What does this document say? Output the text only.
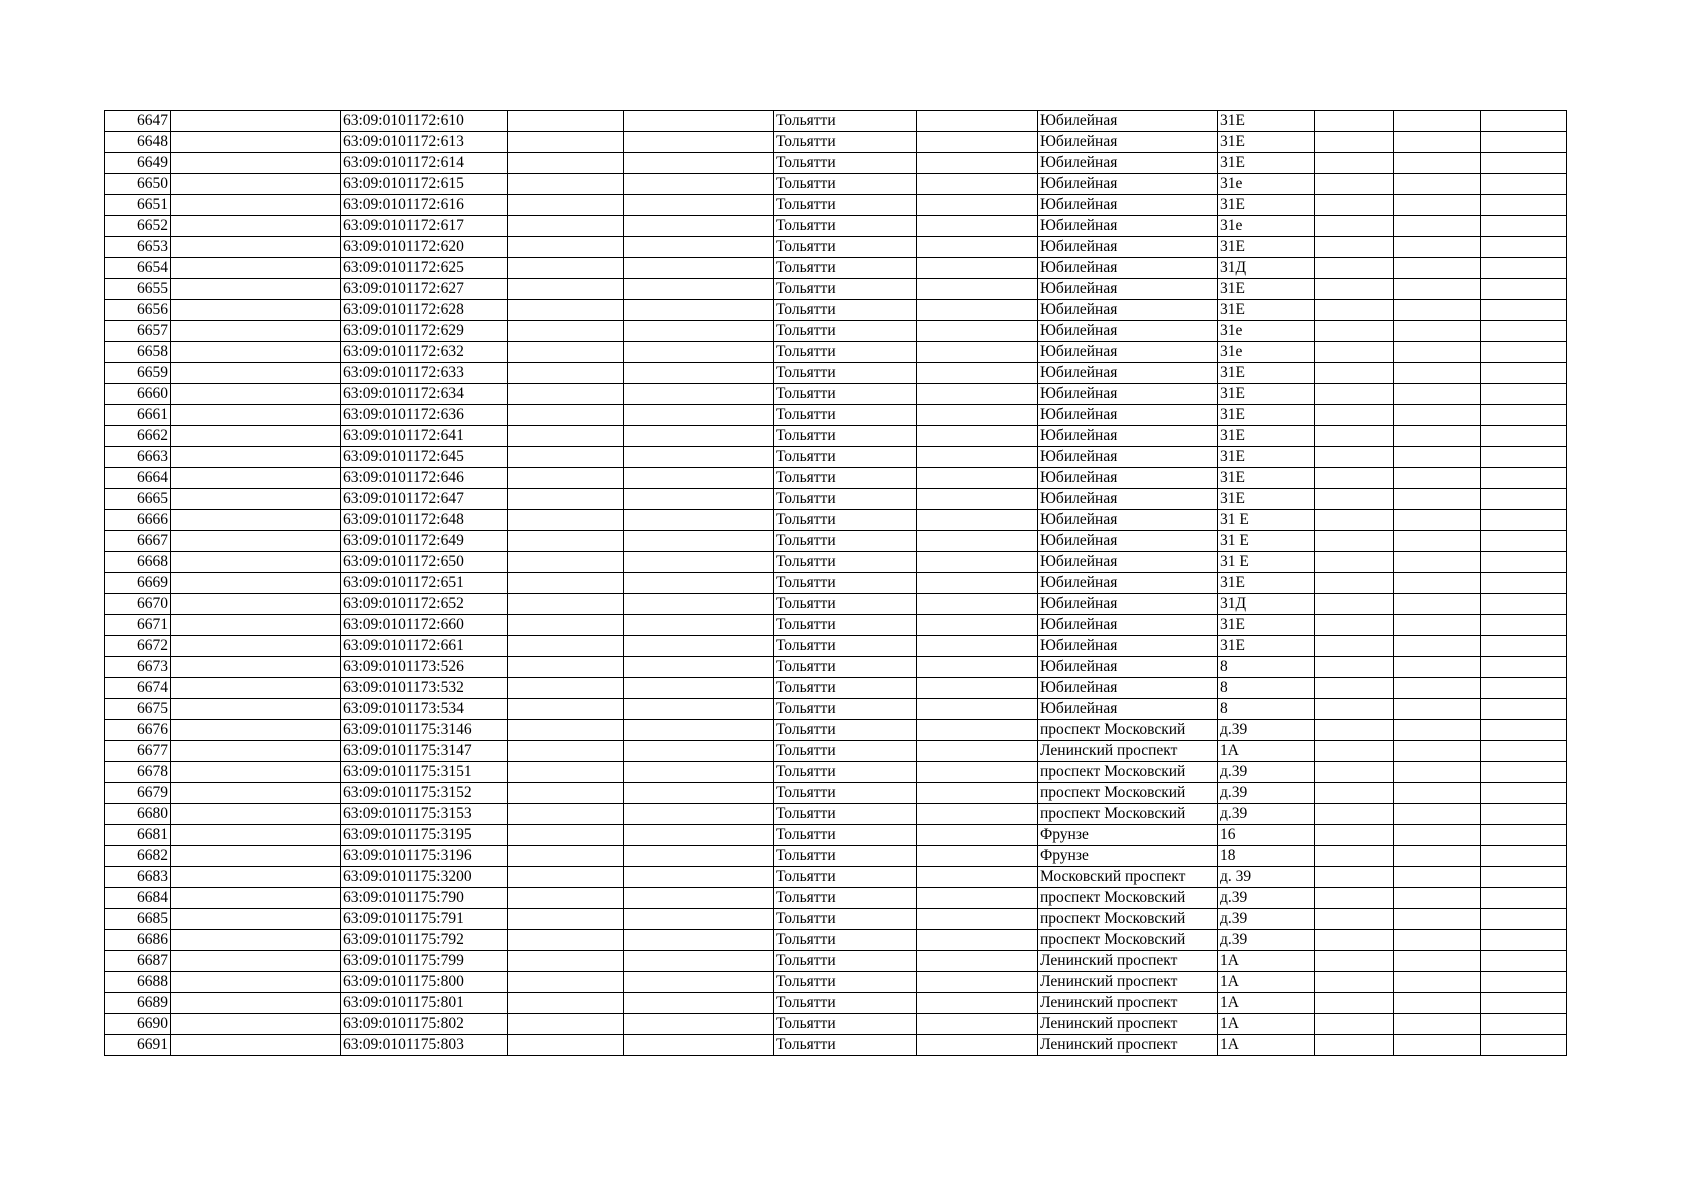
6647		63:09:0101172:610			Тольятти		Юбилейная	31Е			
6648		63:09:0101172:613			Тольятти		Юбилейная	31Е			
6649		63:09:0101172:614			Тольятти		Юбилейная	31Е			
6650		63:09:0101172:615			Тольятти		Юбилейная	31е			
6651		63:09:0101172:616			Тольятти		Юбилейная	31Е			
6652		63:09:0101172:617			Тольятти		Юбилейная	31е			
6653		63:09:0101172:620			Тольятти		Юбилейная	31Е			
6654		63:09:0101172:625			Тольятти		Юбилейная	31Д			
6655		63:09:0101172:627			Тольятти		Юбилейная	31Е			
6656		63:09:0101172:628			Тольятти		Юбилейная	31Е			
6657		63:09:0101172:629			Тольятти		Юбилейная	31е			
6658		63:09:0101172:632			Тольятти		Юбилейная	31е			
6659		63:09:0101172:633			Тольятти		Юбилейная	31Е			
6660		63:09:0101172:634			Тольятти		Юбилейная	31Е			
6661		63:09:0101172:636			Тольятти		Юбилейная	31Е			
6662		63:09:0101172:641			Тольятти		Юбилейная	31Е			
6663		63:09:0101172:645			Тольятти		Юбилейная	31Е			
6664		63:09:0101172:646			Тольятти		Юбилейная	31Е			
6665		63:09:0101172:647			Тольятти		Юбилейная	31Е			
6666		63:09:0101172:648			Тольятти		Юбилейная	31 Е			
6667		63:09:0101172:649			Тольятти		Юбилейная	31 Е			
6668		63:09:0101172:650			Тольятти		Юбилейная	31 Е			
6669		63:09:0101172:651			Тольятти		Юбилейная	31Е			
6670		63:09:0101172:652			Тольятти		Юбилейная	31Д			
6671		63:09:0101172:660			Тольятти		Юбилейная	31Е			
6672		63:09:0101172:661			Тольятти		Юбилейная	31Е			
6673		63:09:0101173:526			Тольятти		Юбилейная	8			
6674		63:09:0101173:532			Тольятти		Юбилейная	8			
6675		63:09:0101173:534			Тольятти		Юбилейная	8			
6676		63:09:0101175:3146			Тольятти		проспект Московский	д.39			
6677		63:09:0101175:3147			Тольятти		Ленинский проспект	1А			
6678		63:09:0101175:3151			Тольятти		проспект Московский	д.39			
6679		63:09:0101175:3152			Тольятти		проспект Московский	д.39			
6680		63:09:0101175:3153			Тольятти		проспект Московский	д.39			
6681		63:09:0101175:3195			Тольятти		Фрунзе	16			
6682		63:09:0101175:3196			Тольятти		Фрунзе	18			
6683		63:09:0101175:3200			Тольятти		Московский проспект	д. 39			
6684		63:09:0101175:790			Тольятти		проспект Московский	д.39			
6685		63:09:0101175:791			Тольятти		проспект Московский	д.39			
6686		63:09:0101175:792			Тольятти		проспект Московский	д.39			
6687		63:09:0101175:799			Тольятти		Ленинский проспект	1А			
6688		63:09:0101175:800			Тольятти		Ленинский проспект	1А			
6689		63:09:0101175:801			Тольятти		Ленинский проспект	1А			
6690		63:09:0101175:802			Тольятти		Ленинский проспект	1А			
6691		63:09:0101175:803			Тольятти		Ленинский проспект	1А			
